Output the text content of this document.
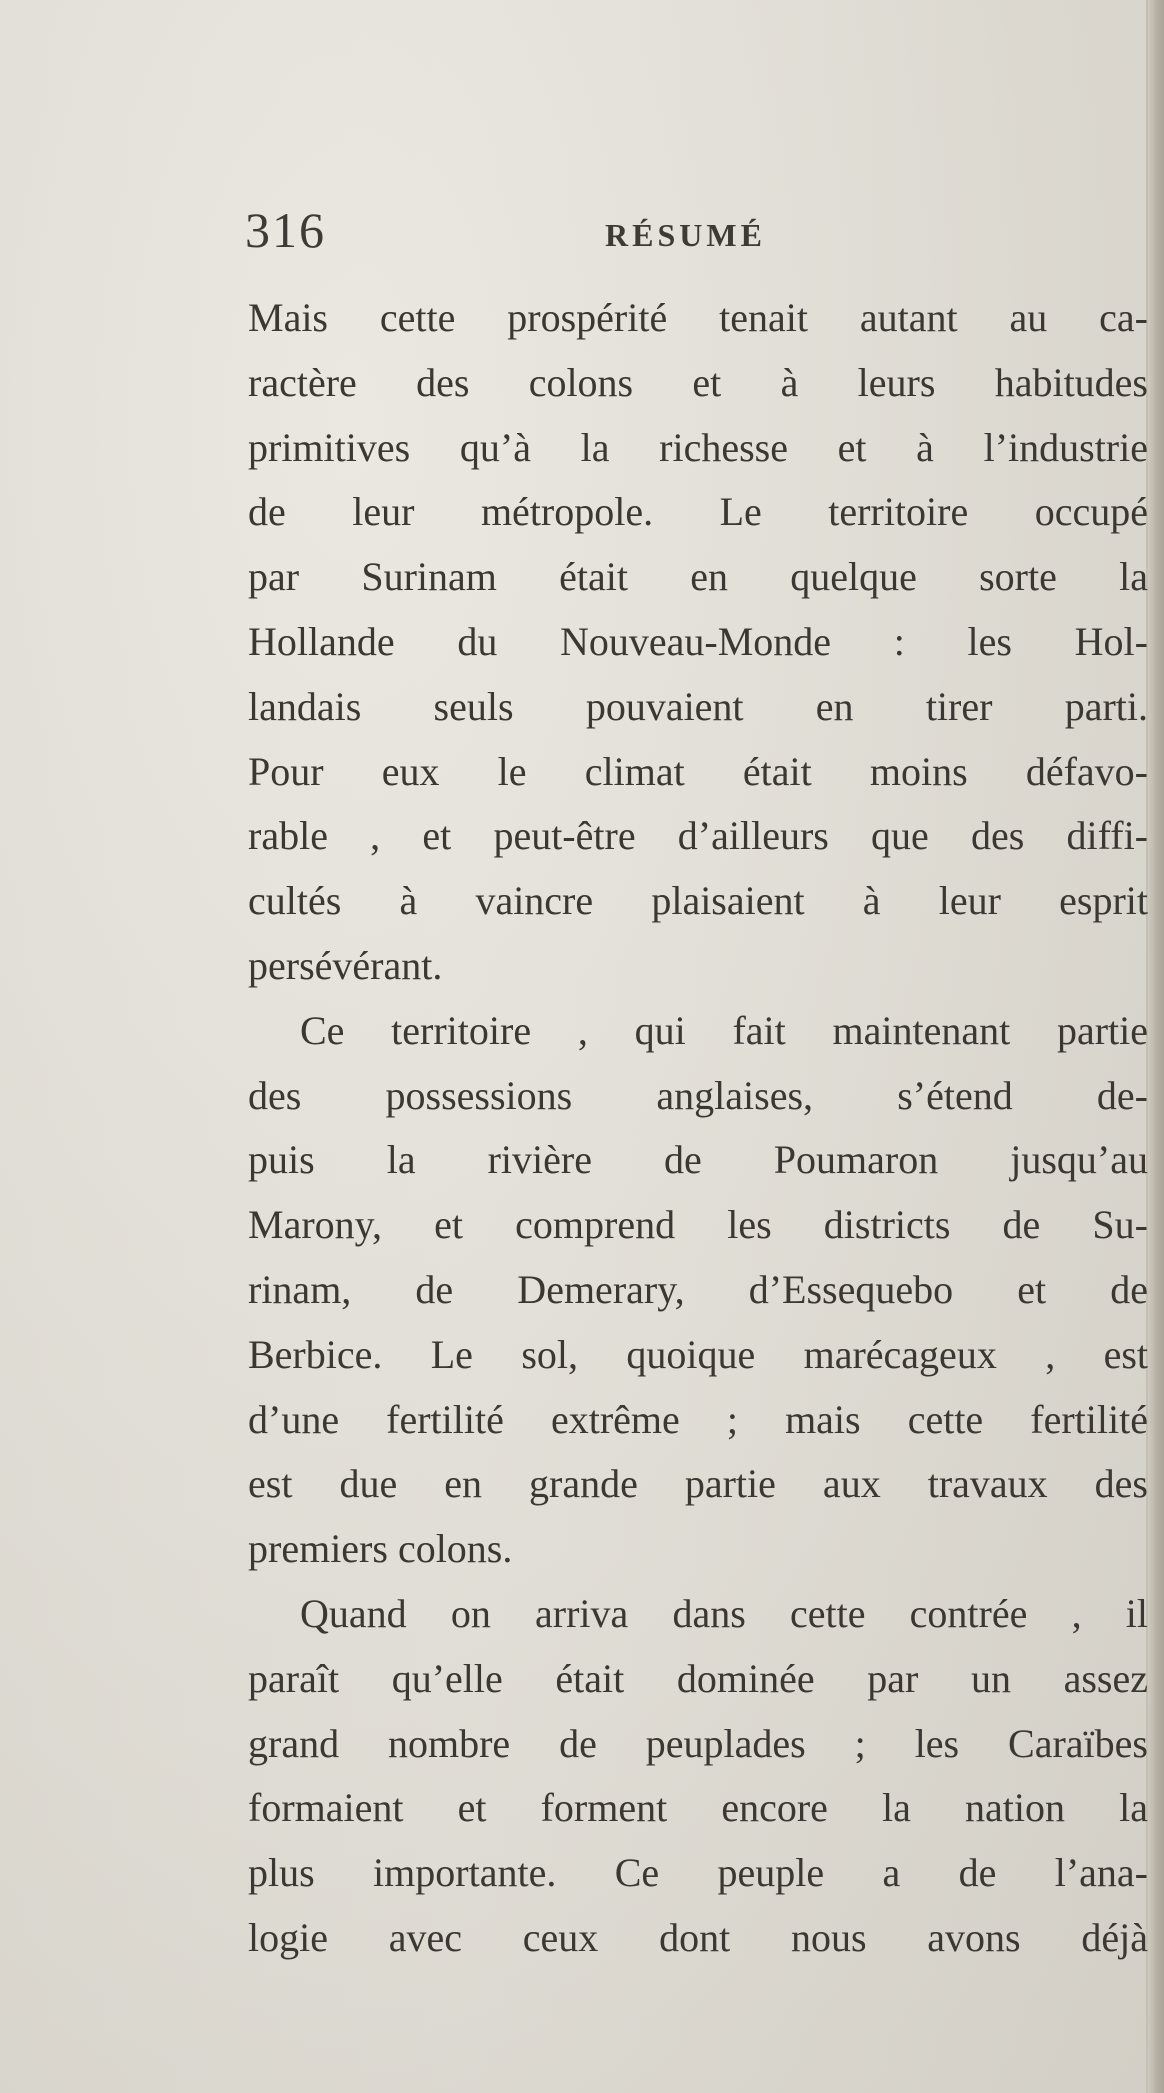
316	RÉSUMÉ
Mais cette prospérité tenait autant au ca-
ractère des colons et à leurs habitudes
primitives qu’à la richesse et à l’industrie
de leur métropole. Le territoire occupé
par Surinam était en quelque sorte la
Hollande du Nouveau-Monde : les Hol-
landais seuls pouvaient en tirer parti.
Pour eux le climat était moins défavo-
rable , et peut-être d’ailleurs que des diffi-
cultés à vaincre plaisaient à leur esprit
persévérant.
Ce territoire , qui fait maintenant partie
des possessions anglaises, s’étend de-
puis la rivière de Poumaron jusqu’au
Marony, et comprend les districts de Su-
rinam, de Demerary, d’Essequebo et de
Berbice. Le sol, quoique marécageux , est
d’une fertilité extrême ; mais cette fertilité
est due en grande partie aux travaux des
premiers colons.
Quand on arriva dans cette contrée , il
paraît qu’elle était dominée par un assez
grand nombre de peuplades ; les Caraïbes
formaient et forment encore la nation la
plus importante. Ce peuple a de l’ana-
logie avec ceux dont nous avons déjà
